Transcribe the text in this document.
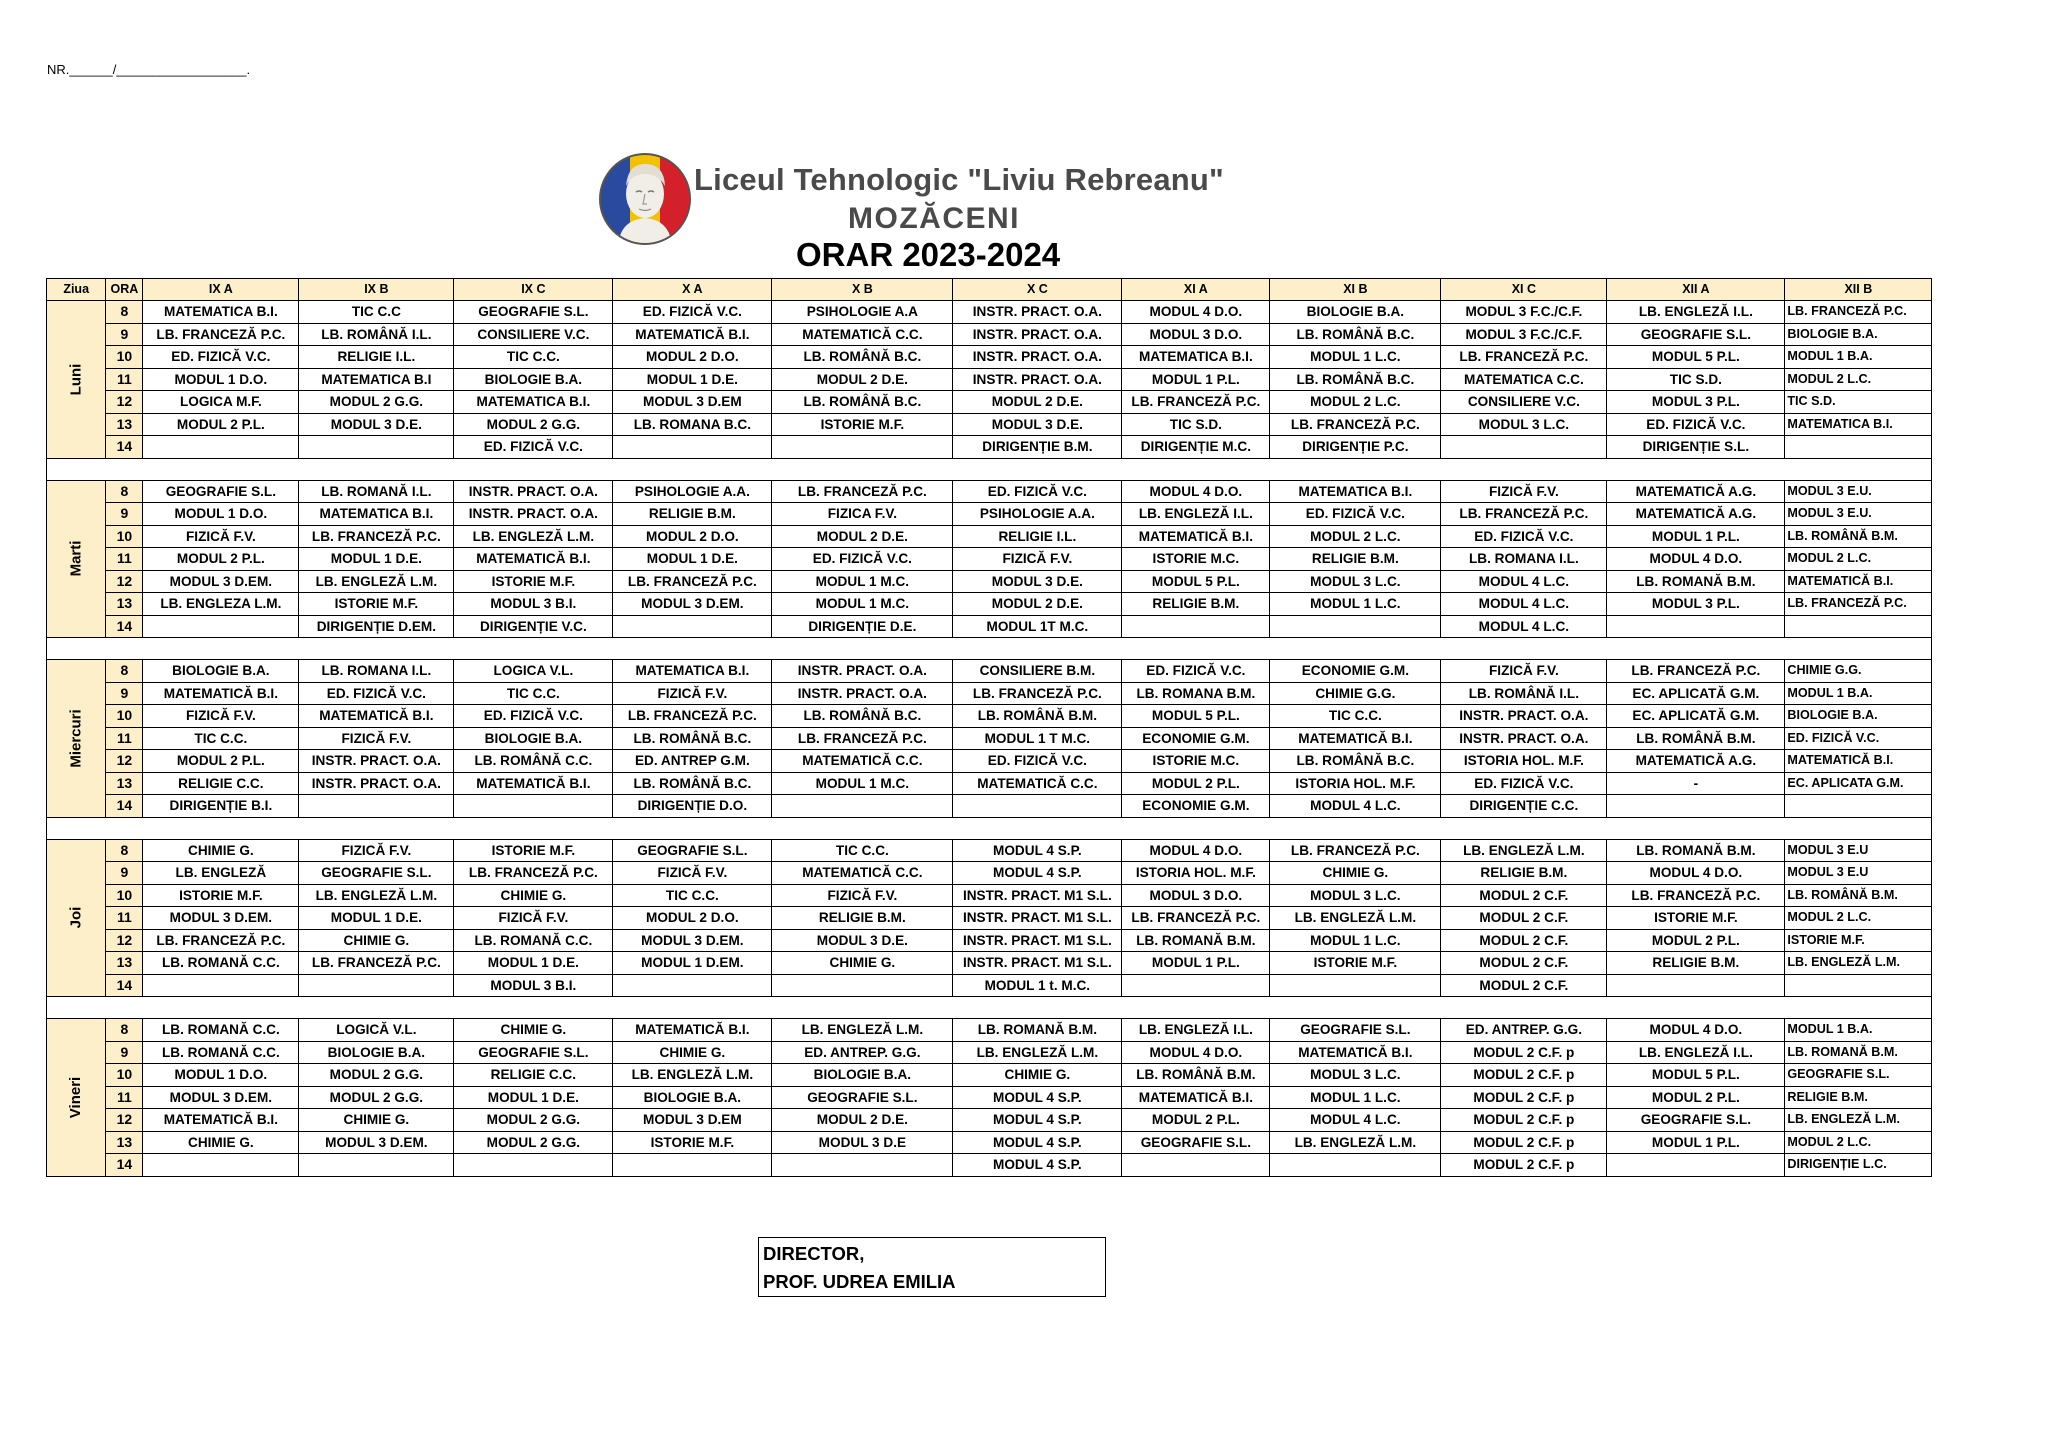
NR.______/__________________.
Liceul Tehnologic "Liviu Rebreanu"
MOZĂCENI
ORAR 2023-2024
Ziua	ORA	IX A	IX B	IX C	X A	X B	X C	XI A	XI B	XI C	XII A	XII B
Luni	8	MATEMATICA B.I.	TIC C.C	GEOGRAFIE S.L.	ED. FIZICĂ V.C.	PSIHOLOGIE A.A	INSTR. PRACT. O.A.	MODUL 4 D.O.	BIOLOGIE B.A.	MODUL 3 F.C./C.F.	LB. ENGLEZĂ I.L.	LB. FRANCEZĂ P.C.
	9	LB. FRANCEZĂ P.C.	LB. ROMÂNĂ I.L.	CONSILIERE V.C.	MATEMATICĂ B.I.	MATEMATICĂ C.C.	INSTR. PRACT. O.A.	MODUL 3 D.O.	LB. ROMÂNĂ B.C.	MODUL 3 F.C./C.F.	GEOGRAFIE S.L.	BIOLOGIE B.A.
	10	ED. FIZICĂ V.C.	RELIGIE I.L.	TIC C.C.	MODUL 2 D.O.	LB. ROMÂNĂ B.C.	INSTR. PRACT. O.A.	MATEMATICA B.I.	MODUL 1 L.C.	LB. FRANCEZĂ P.C.	MODUL 5 P.L.	MODUL 1 B.A.
	11	MODUL 1 D.O.	MATEMATICA B.I	BIOLOGIE B.A.	MODUL 1 D.E.	MODUL 2 D.E.	INSTR. PRACT. O.A.	MODUL 1 P.L.	LB. ROMÂNĂ B.C.	MATEMATICA C.C.	TIC S.D.	MODUL 2 L.C.
	12	LOGICA M.F.	MODUL 2 G.G.	MATEMATICA B.I.	MODUL 3 D.EM	LB. ROMÂNĂ B.C.	MODUL 2 D.E.	LB. FRANCEZĂ P.C.	MODUL 2 L.C.	CONSILIERE V.C.	MODUL 3 P.L.	TIC S.D.
	13	MODUL 2 P.L.	MODUL 3 D.E.	MODUL 2 G.G.	LB. ROMANA B.C.	ISTORIE M.F.	MODUL 3 D.E.	TIC S.D.	LB. FRANCEZĂ P.C.	MODUL 3 L.C.	ED. FIZICĂ V.C.	MATEMATICA B.I.
	14			ED. FIZICĂ V.C.			DIRIGENȚIE B.M.	DIRIGENȚIE M.C.	DIRIGENȚIE P.C.		DIRIGENȚIE S.L.	

Marti	8	GEOGRAFIE S.L.	LB. ROMANĂ I.L.	INSTR. PRACT. O.A.	PSIHOLOGIE A.A.	LB. FRANCEZĂ P.C.	ED. FIZICĂ V.C.	MODUL 4 D.O.	MATEMATICA B.I.	FIZICĂ F.V.	MATEMATICĂ A.G.	MODUL 3 E.U.
	9	MODUL 1 D.O.	MATEMATICA B.I.	INSTR. PRACT. O.A.	RELIGIE B.M.	FIZICA F.V.	PSIHOLOGIE A.A.	LB. ENGLEZĂ I.L.	ED. FIZICĂ V.C.	LB. FRANCEZĂ P.C.	MATEMATICĂ A.G.	MODUL 3 E.U.
	10	FIZICĂ F.V.	LB. FRANCEZĂ P.C.	LB. ENGLEZĂ L.M.	MODUL 2 D.O.	MODUL 2 D.E.	RELIGIE I.L.	MATEMATICĂ B.I.	MODUL 2 L.C.	ED. FIZICĂ V.C.	MODUL 1 P.L.	LB. ROMÂNĂ B.M.
	11	MODUL 2 P.L.	MODUL 1 D.E.	MATEMATICĂ B.I.	MODUL 1 D.E.	ED. FIZICĂ V.C.	FIZICĂ F.V.	ISTORIE M.C.	RELIGIE B.M.	LB. ROMANA I.L.	MODUL 4 D.O.	MODUL 2 L.C.
	12	MODUL 3 D.EM.	LB. ENGLEZĂ L.M.	ISTORIE M.F.	LB. FRANCEZĂ P.C.	MODUL 1 M.C.	MODUL 3 D.E.	MODUL 5 P.L.	MODUL 3 L.C.	MODUL 4 L.C.	LB. ROMANĂ B.M.	MATEMATICĂ B.I.
	13	LB. ENGLEZA L.M.	ISTORIE M.F.	MODUL 3 B.I.	MODUL 3 D.EM.	MODUL 1 M.C.	MODUL 2 D.E.	RELIGIE B.M.	MODUL 1 L.C.	MODUL 4 L.C.	MODUL 3 P.L.	LB. FRANCEZĂ P.C.
	14		DIRIGENȚIE D.EM.	DIRIGENȚIE V.C.		DIRIGENȚIE D.E.	MODUL 1T M.C.			MODUL 4 L.C.		

Miercuri	8	BIOLOGIE B.A.	LB. ROMANA I.L.	LOGICA V.L.	MATEMATICA B.I.	INSTR. PRACT. O.A.	CONSILIERE B.M.	ED. FIZICĂ V.C.	ECONOMIE G.M.	FIZICĂ F.V.	LB. FRANCEZĂ P.C.	CHIMIE G.G.
	9	MATEMATICĂ B.I.	ED. FIZICĂ V.C.	TIC C.C.	FIZICĂ F.V.	INSTR. PRACT. O.A.	LB. FRANCEZĂ P.C.	LB. ROMANA B.M.	CHIMIE G.G.	LB. ROMÂNĂ I.L.	EC. APLICATĂ G.M.	MODUL 1 B.A.
	10	FIZICĂ F.V.	MATEMATICĂ B.I.	ED. FIZICĂ V.C.	LB. FRANCEZĂ P.C.	LB. ROMÂNĂ B.C.	LB. ROMÂNĂ B.M.	MODUL 5 P.L.	TIC C.C.	INSTR. PRACT. O.A.	EC. APLICATĂ G.M.	BIOLOGIE B.A.
	11	TIC C.C.	FIZICĂ F.V.	BIOLOGIE B.A.	LB. ROMÂNĂ B.C.	LB. FRANCEZĂ P.C.	MODUL 1 T M.C.	ECONOMIE G.M.	MATEMATICĂ B.I.	INSTR. PRACT. O.A.	LB. ROMÂNĂ B.M.	ED. FIZICĂ V.C.
	12	MODUL 2 P.L.	INSTR. PRACT. O.A.	LB. ROMÂNĂ C.C.	ED. ANTREP G.M.	MATEMATICĂ C.C.	ED. FIZICĂ V.C.	ISTORIE M.C.	LB. ROMÂNĂ B.C.	ISTORIA HOL. M.F.	MATEMATICĂ A.G.	MATEMATICĂ B.I.
	13	RELIGIE C.C.	INSTR. PRACT. O.A.	MATEMATICĂ B.I.	LB. ROMÂNĂ B.C.	MODUL 1 M.C.	MATEMATICĂ C.C.	MODUL 2 P.L.	ISTORIA HOL. M.F.	ED. FIZICĂ V.C.	-	EC. APLICATA G.M.
	14	DIRIGENȚIE B.I.			DIRIGENȚIE D.O.			ECONOMIE G.M.	MODUL 4 L.C.	DIRIGENȚIE C.C.		

Joi	8	CHIMIE G.	FIZICĂ F.V.	ISTORIE M.F.	GEOGRAFIE S.L.	TIC C.C.	MODUL 4 S.P.	MODUL 4 D.O.	LB. FRANCEZĂ P.C.	LB. ENGLEZĂ L.M.	LB. ROMANĂ B.M.	MODUL 3 E.U
	9	LB. ENGLEZĂ	GEOGRAFIE S.L.	LB. FRANCEZĂ P.C.	FIZICĂ F.V.	MATEMATICĂ C.C.	MODUL 4 S.P.	ISTORIA HOL. M.F.	CHIMIE G.	RELIGIE B.M.	MODUL 4 D.O.	MODUL 3 E.U
	10	ISTORIE M.F.	LB. ENGLEZĂ L.M.	CHIMIE G.	TIC C.C.	FIZICĂ F.V.	INSTR. PRACT. M1 S.L.	MODUL 3 D.O.	MODUL 3 L.C.	MODUL 2 C.F.	LB. FRANCEZĂ P.C.	LB. ROMÂNĂ B.M.
	11	MODUL 3 D.EM.	MODUL 1 D.E.	FIZICĂ F.V.	MODUL 2 D.O.	RELIGIE B.M.	INSTR. PRACT. M1 S.L.	LB. FRANCEZĂ P.C.	LB. ENGLEZĂ L.M.	MODUL 2 C.F.	ISTORIE M.F.	MODUL 2 L.C.
	12	LB. FRANCEZĂ P.C.	CHIMIE G.	LB. ROMANĂ C.C.	MODUL 3 D.EM.	MODUL 3 D.E.	INSTR. PRACT. M1 S.L.	LB. ROMANĂ B.M.	MODUL 1 L.C.	MODUL 2 C.F.	MODUL 2 P.L.	ISTORIE M.F.
	13	LB. ROMANĂ C.C.	LB. FRANCEZĂ P.C.	MODUL 1 D.E.	MODUL 1 D.EM.	CHIMIE G.	INSTR. PRACT. M1 S.L.	MODUL 1 P.L.	ISTORIE M.F.	MODUL 2 C.F.	RELIGIE B.M.	LB. ENGLEZĂ L.M.
	14			MODUL 3 B.I.			MODUL 1 t. M.C.			MODUL 2 C.F.		

Vineri	8	LB. ROMANĂ C.C.	LOGICĂ V.L.	CHIMIE G.	MATEMATICĂ B.I.	LB. ENGLEZĂ L.M.	LB. ROMANĂ B.M.	LB. ENGLEZĂ I.L.	GEOGRAFIE S.L.	ED. ANTREP. G.G.	MODUL 4 D.O.	MODUL 1 B.A.
	9	LB. ROMANĂ C.C.	BIOLOGIE B.A.	GEOGRAFIE S.L.	CHIMIE G.	ED. ANTREP. G.G.	LB. ENGLEZĂ L.M.	MODUL 4 D.O.	MATEMATICĂ B.I.	MODUL 2 C.F. p	LB. ENGLEZĂ I.L.	LB. ROMANĂ B.M.
	10	MODUL 1 D.O.	MODUL 2 G.G.	RELIGIE C.C.	LB. ENGLEZĂ L.M.	BIOLOGIE B.A.	CHIMIE G.	LB. ROMÂNĂ B.M.	MODUL 3 L.C.	MODUL 2 C.F. p	MODUL 5 P.L.	GEOGRAFIE S.L.
	11	MODUL 3 D.EM.	MODUL 2 G.G.	MODUL 1 D.E.	BIOLOGIE B.A.	GEOGRAFIE S.L.	MODUL 4 S.P.	MATEMATICĂ B.I.	MODUL 1 L.C.	MODUL 2 C.F. p	MODUL 2 P.L.	RELIGIE B.M.
	12	MATEMATICĂ B.I.	CHIMIE G.	MODUL 2 G.G.	MODUL 3 D.EM	MODUL 2 D.E.	MODUL 4 S.P.	MODUL 2 P.L.	MODUL 4 L.C.	MODUL 2 C.F. p	GEOGRAFIE S.L.	LB. ENGLEZĂ L.M.
	13	CHIMIE G.	MODUL 3 D.EM.	MODUL 2 G.G.	ISTORIE M.F.	MODUL 3 D.E	MODUL 4 S.P.	GEOGRAFIE S.L.	LB. ENGLEZĂ L.M.	MODUL 2 C.F. p	MODUL 1 P.L.	MODUL 2 L.C.
	14						MODUL 4 S.P.			MODUL 2 C.F. p		DIRIGENȚIE L.C.
DIRECTOR,
PROF. UDREA EMILIA
